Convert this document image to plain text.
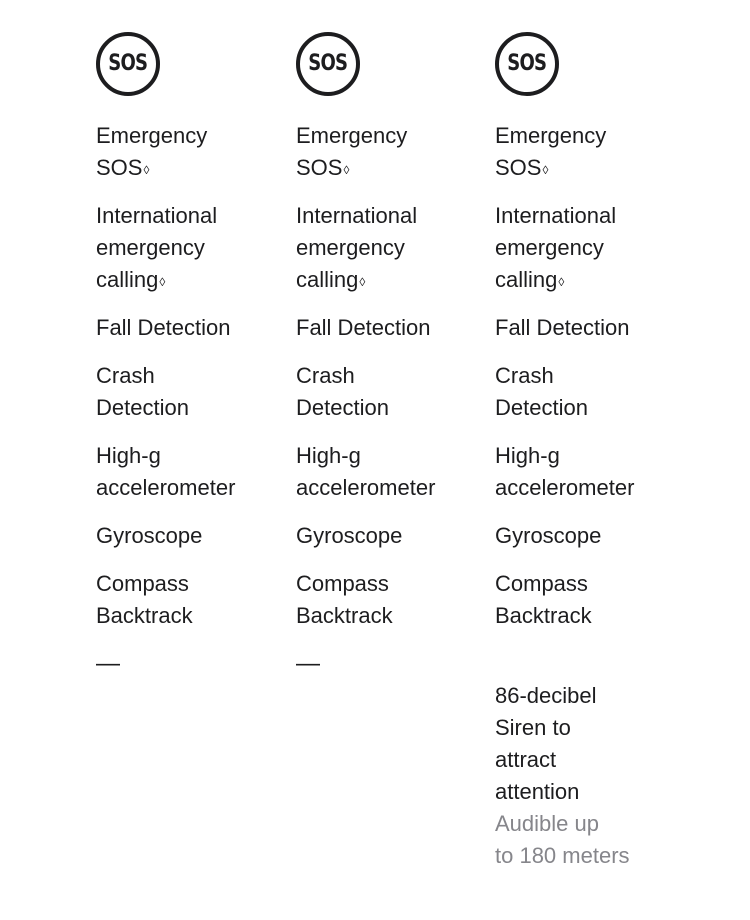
SOS
Emergency
SOS◊
International
emergency
calling◊
Fall Detection
Crash
Detection
High-g
accelerometer
Gyroscope
Compass
Backtrack
—
SOS
Emergency
SOS◊
International
emergency
calling◊
Fall Detection
Crash
Detection
High-g
accelerometer
Gyroscope
Compass
Backtrack
—
SOS
Emergency
SOS◊
International
emergency
calling◊
Fall Detection
Crash
Detection
High-g
accelerometer
Gyroscope
Compass
Backtrack

86-decibel
Siren to
attract
attention

Audible up
to 180 meters
